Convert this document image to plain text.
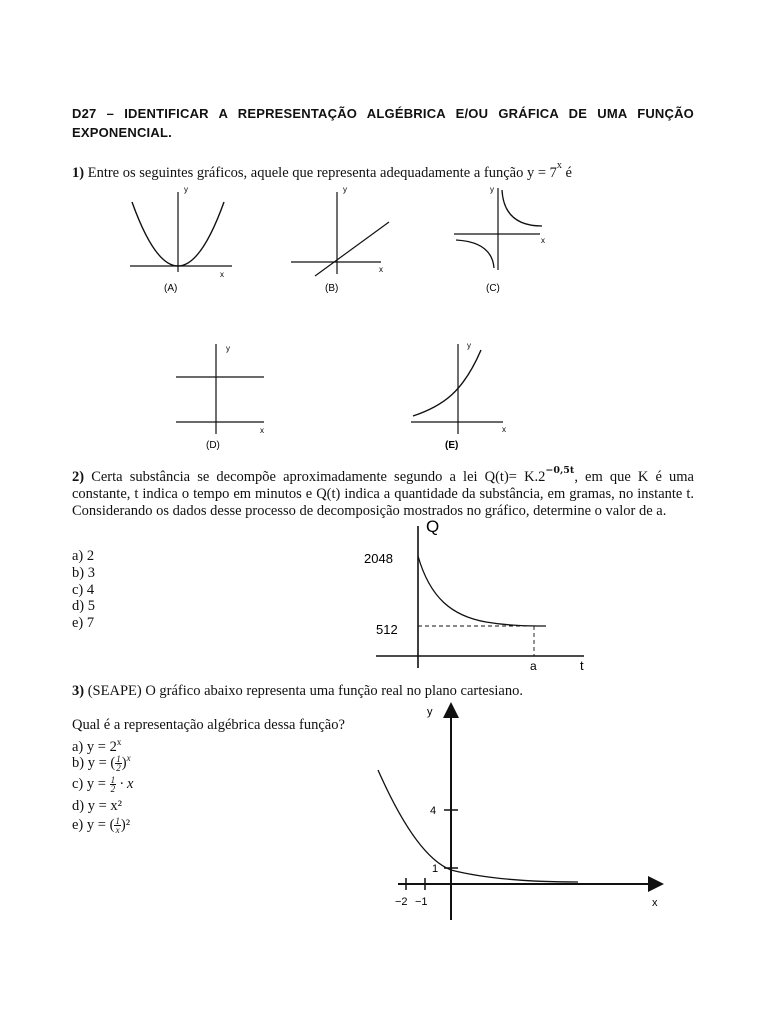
D27 – IDENTIFICAR A REPRESENTAÇÃO ALGÉBRICA E/OU GRÁFICA DE UMA FUNÇÃO EXPONENCIAL.
1) Entre os seguintes gráficos, aquele que representa adequadamente a função $y = 7^x$ é
y
x
(A)
y
x
(B)
y
x
(C)
y
x
(D)
y
x
(E)
2) Certa substância se decompõe aproximadamente segundo a lei $Q(t)= K.2^{-0,5t}$, em que K é uma constante, t indica o tempo em minutos e Q(t) indica a quantidade da substância, em gramas, no instante t. Considerando os dados desse processo de decomposição mostrados no gráfico, determine o valor de a.
a) 2
b) 3
c) 4
d) 5
e) 7
Q
2048
512
a	t
3) (SEAPE) O gráfico abaixo representa uma função real no plano cartesiano.
Qual é a representação algébrica dessa função?
a) $y = 2^x$
b) y = ( $\frac{1}{2} )^x$
c) $y = \frac{1}{2} \cdot x$
d) y = x²
e) y = ( $\frac{1}{x} )^2$
y
4
1
−2 −1	x
